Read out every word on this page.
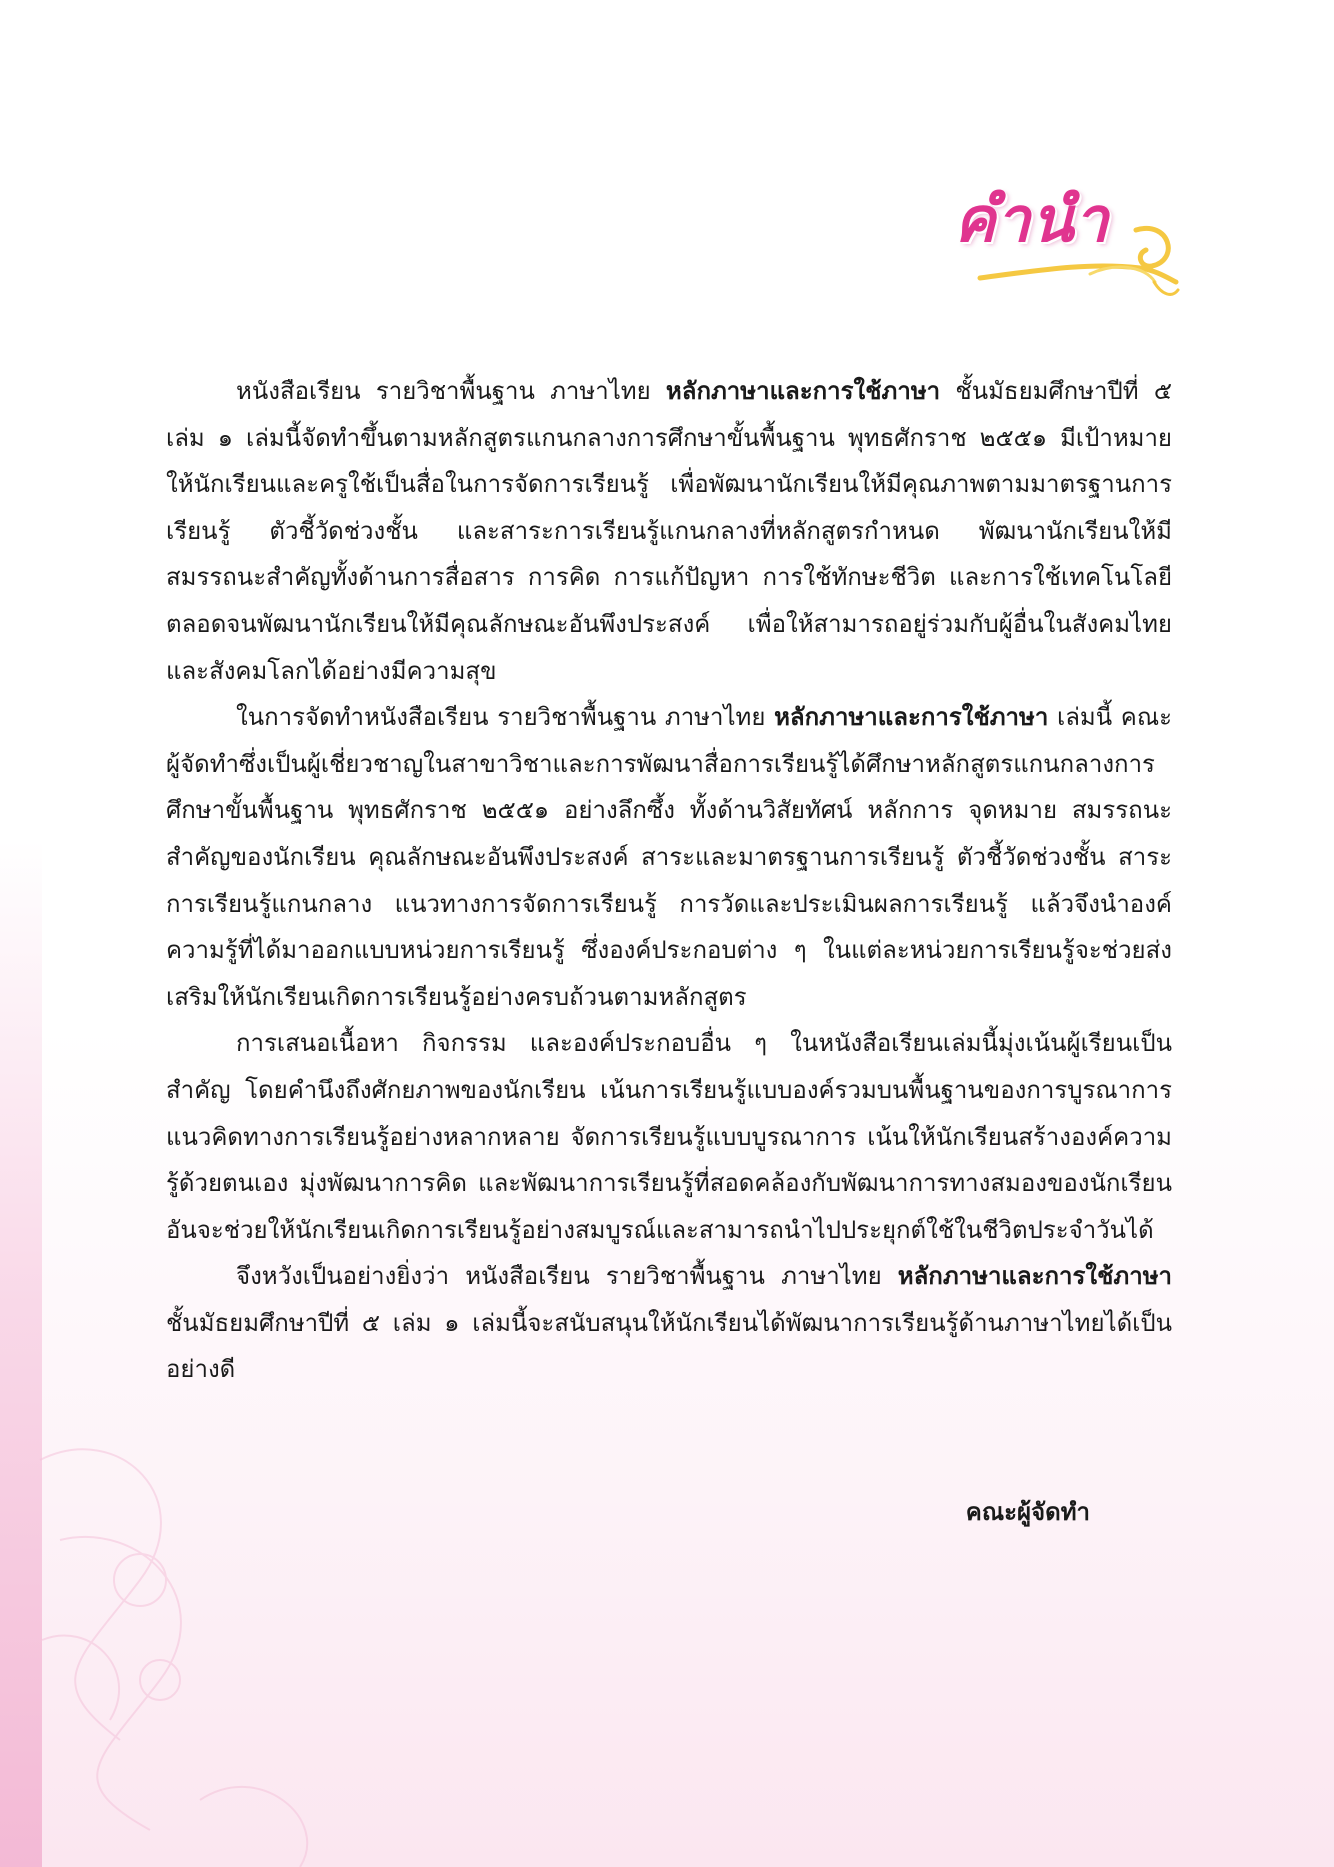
คำนำ

หนังสือเรียน รายวิชาพื้นฐาน ภาษาไทย หลักภาษาและการใช้ภาษา ชั้นมัธยมศึกษาปีที่ ๕ เล่ม ๑ เล่มนี้จัดทำขึ้นตามหลักสูตรแกนกลางการศึกษาขั้นพื้นฐาน พุทธศักราช ๒๕๕๑ มีเป้าหมายให้นักเรียนและครูใช้เป็นสื่อในการจัดการเรียนรู้ เพื่อพัฒนานักเรียนให้มีคุณภาพตามมาตรฐานการเรียนรู้ ตัวชี้วัดช่วงชั้น และสาระการเรียนรู้แกนกลางที่หลักสูตรกำหนด พัฒนานักเรียนให้มีสมรรถนะสำคัญทั้งด้านการสื่อสาร การคิด การแก้ปัญหา การใช้ทักษะชีวิต และการใช้เทคโนโลยี ตลอดจนพัฒนานักเรียนให้มีคุณลักษณะอันพึงประสงค์ เพื่อให้สามารถอยู่ร่วมกับผู้อื่นในสังคมไทยและสังคมโลกได้อย่างมีความสุข

ในการจัดทำหนังสือเรียน รายวิชาพื้นฐาน ภาษาไทย หลักภาษาและการใช้ภาษา เล่มนี้ คณะผู้จัดทำซึ่งเป็นผู้เชี่ยวชาญในสาขาวิชาและการพัฒนาสื่อการเรียนรู้ได้ศึกษาหลักสูตรแกนกลางการศึกษาขั้นพื้นฐาน พุทธศักราช ๒๕๕๑ อย่างลึกซึ้ง ทั้งด้านวิสัยทัศน์ หลักการ จุดหมาย สมรรถนะสำคัญของนักเรียน คุณลักษณะอันพึงประสงค์ สาระและมาตรฐานการเรียนรู้ ตัวชี้วัดช่วงชั้น สาระการเรียนรู้แกนกลาง แนวทางการจัดการเรียนรู้ การวัดและประเมินผลการเรียนรู้ แล้วจึงนำองค์ความรู้ที่ได้มาออกแบบหน่วยการเรียนรู้ ซึ่งองค์ประกอบต่าง ๆ ในแต่ละหน่วยการเรียนรู้จะช่วยส่งเสริมให้นักเรียนเกิดการเรียนรู้อย่างครบถ้วนตามหลักสูตร

การเสนอเนื้อหา กิจกรรม และองค์ประกอบอื่น ๆ ในหนังสือเรียนเล่มนี้มุ่งเน้นผู้เรียนเป็นสำคัญ โดยคำนึงถึงศักยภาพของนักเรียน เน้นการเรียนรู้แบบองค์รวมบนพื้นฐานของการบูรณาการแนวคิดทางการเรียนรู้อย่างหลากหลาย จัดการเรียนรู้แบบบูรณาการ เน้นให้นักเรียนสร้างองค์ความรู้ด้วยตนเอง มุ่งพัฒนาการคิด และพัฒนาการเรียนรู้ที่สอดคล้องกับพัฒนาการทางสมองของนักเรียน อันจะช่วยให้นักเรียนเกิดการเรียนรู้อย่างสมบูรณ์และสามารถนำไปประยุกต์ใช้ในชีวิตประจำวันได้

จึงหวังเป็นอย่างยิ่งว่า หนังสือเรียน รายวิชาพื้นฐาน ภาษาไทย หลักภาษาและการใช้ภาษา ชั้นมัธยมศึกษาปีที่ ๕ เล่ม ๑ เล่มนี้จะสนับสนุนให้นักเรียนได้พัฒนาการเรียนรู้ด้านภาษาไทยได้เป็นอย่างดี

คณะผู้จัดทำ
